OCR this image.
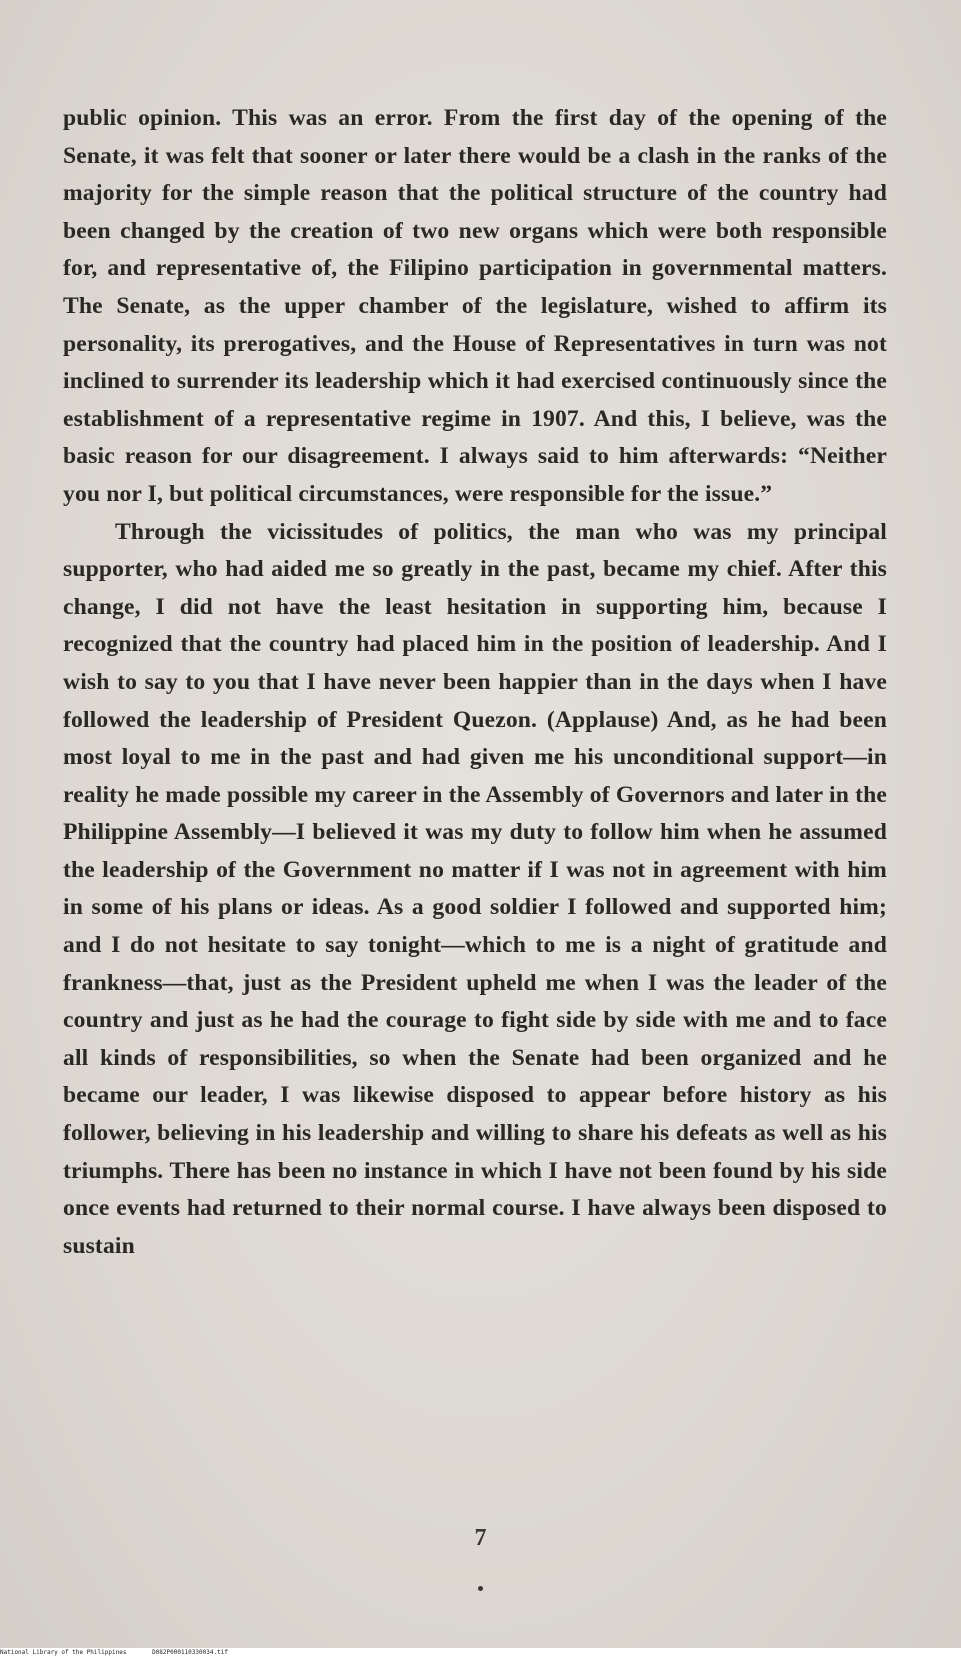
public opinion. This was an error. From the first day of the opening of the Senate, it was felt that sooner or later there would be a clash in the ranks of the majority for the simple reason that the political structure of the country had been changed by the creation of two new organs which were both responsible for, and representative of, the Filipino participation in governmental matters. The Senate, as the upper chamber of the legislature, wished to affirm its personality, its prerogatives, and the House of Representatives in turn was not inclined to surrender its leadership which it had exercised continuously since the establishment of a representative regime in 1907. And this, I believe, was the basic reason for our disagreement. I always said to him afterwards: “Neither you nor I, but political circumstances, were responsible for the issue.”

Through the vicissitudes of politics, the man who was my principal supporter, who had aided me so greatly in the past, became my chief. After this change, I did not have the least hesitation in supporting him, because I recognized that the country had placed him in the position of leadership. And I wish to say to you that I have never been happier than in the days when I have followed the leadership of President Quezon. (Applause) And, as he had been most loyal to me in the past and had given me his unconditional support—in reality he made possible my career in the Assembly of Governors and later in the Philippine Assembly—I believed it was my duty to follow him when he assumed the leadership of the Government no matter if I was not in agreement with him in some of his plans or ideas. As a good soldier I followed and supported him; and I do not hesitate to say tonight—which to me is a night of gratitude and frankness—that, just as the President upheld me when I was the leader of the country and just as he had the courage to fight side by side with me and to face all kinds of responsibilities, so when the Senate had been organized and he became our leader, I was likewise disposed to appear before history as his follower, believing in his leadership and willing to share his defeats as well as his triumphs. There has been no instance in which I have not been found by his side once events had returned to their normal course. I have always been disposed to sustain

7
National Library of the Philippines	D082P000110330034.tif
